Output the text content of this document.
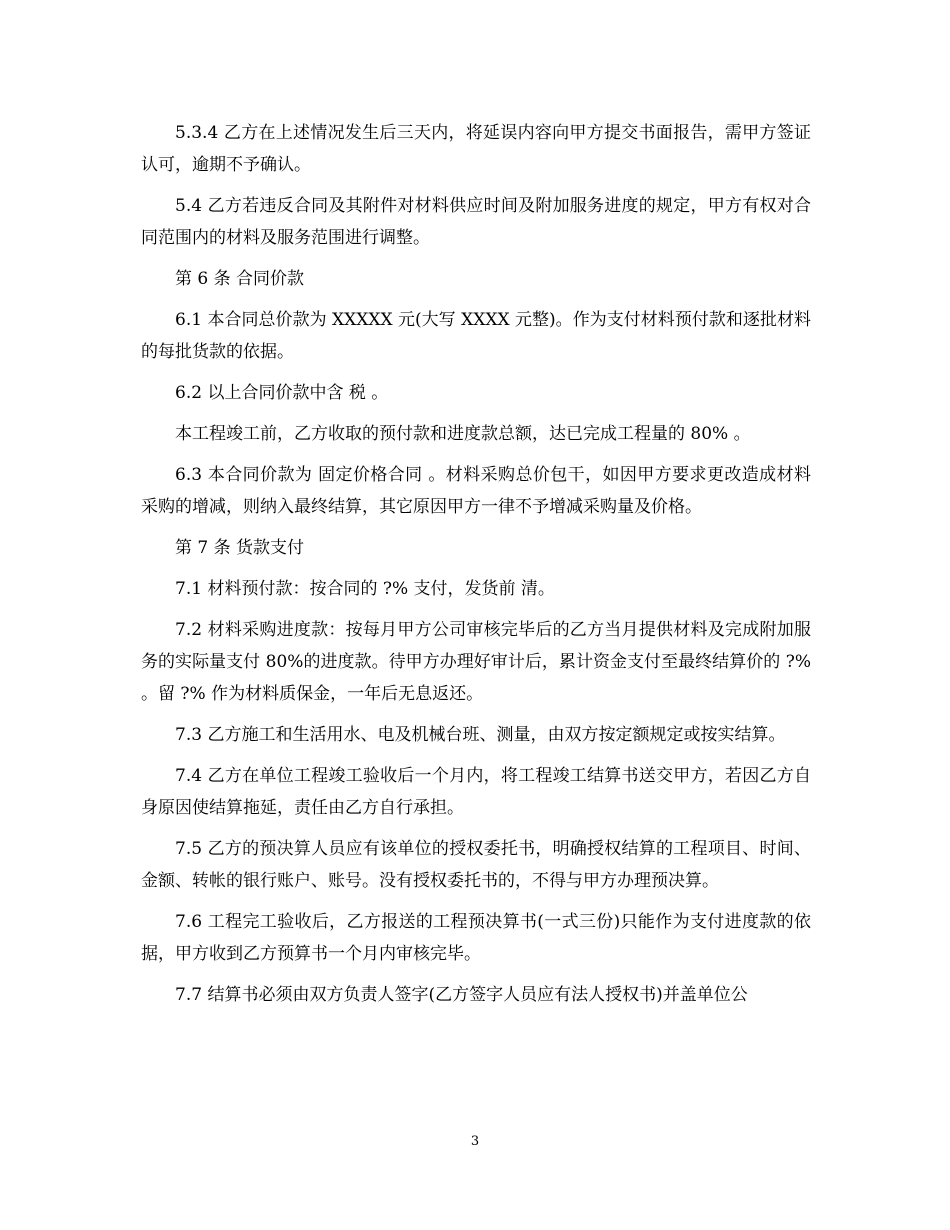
5.3.4 乙方在上述情况发生后三天内，将延误内容向甲方提交书面报告，需甲方签证认可，逾期不予确认。

5.4 乙方若违反合同及其附件对材料供应时间及附加服务进度的规定，甲方有权对合同范围内的材料及服务范围进行调整。

第 6 条 合同价款

6.1 本合同总价款为 XXXXX 元(大写 XXXX 元整)。作为支付材料预付款和逐批材料的每批货款的依据。

6.2 以上合同价款中含 税 。

本工程竣工前，乙方收取的预付款和进度款总额，达已完成工程量的 80% 。

6.3 本合同价款为 固定价格合同 。材料采购总价包干，如因甲方要求更改造成材料采购的增减，则纳入最终结算，其它原因甲方一律不予增减采购量及价格。

第 7 条 货款支付

7.1 材料预付款：按合同的 ?% 支付，发货前 清。

7.2 材料采购进度款：按每月甲方公司审核完毕后的乙方当月提供材料及完成附加服务的实际量支付 80%的进度款。待甲方办理好审计后，累计资金支付至最终结算价的 ?% 。留 ?% 作为材料质保金，一年后无息返还。

7.3 乙方施工和生活用水、电及机械台班、测量，由双方按定额规定或按实结算。

7.4 乙方在单位工程竣工验收后一个月内，将工程竣工结算书送交甲方，若因乙方自身原因使结算拖延，责任由乙方自行承担。

7.5 乙方的预决算人员应有该单位的授权委托书，明确授权结算的工程项目、时间、金额、转帐的银行账户、账号。没有授权委托书的，不得与甲方办理预决算。

7.6 工程完工验收后，乙方报送的工程预决算书(一式三份)只能作为支付进度款的依据，甲方收到乙方预算书一个月内审核完毕。

7.7 结算书必须由双方负责人签字(乙方签字人员应有法人授权书)并盖单位公

3
